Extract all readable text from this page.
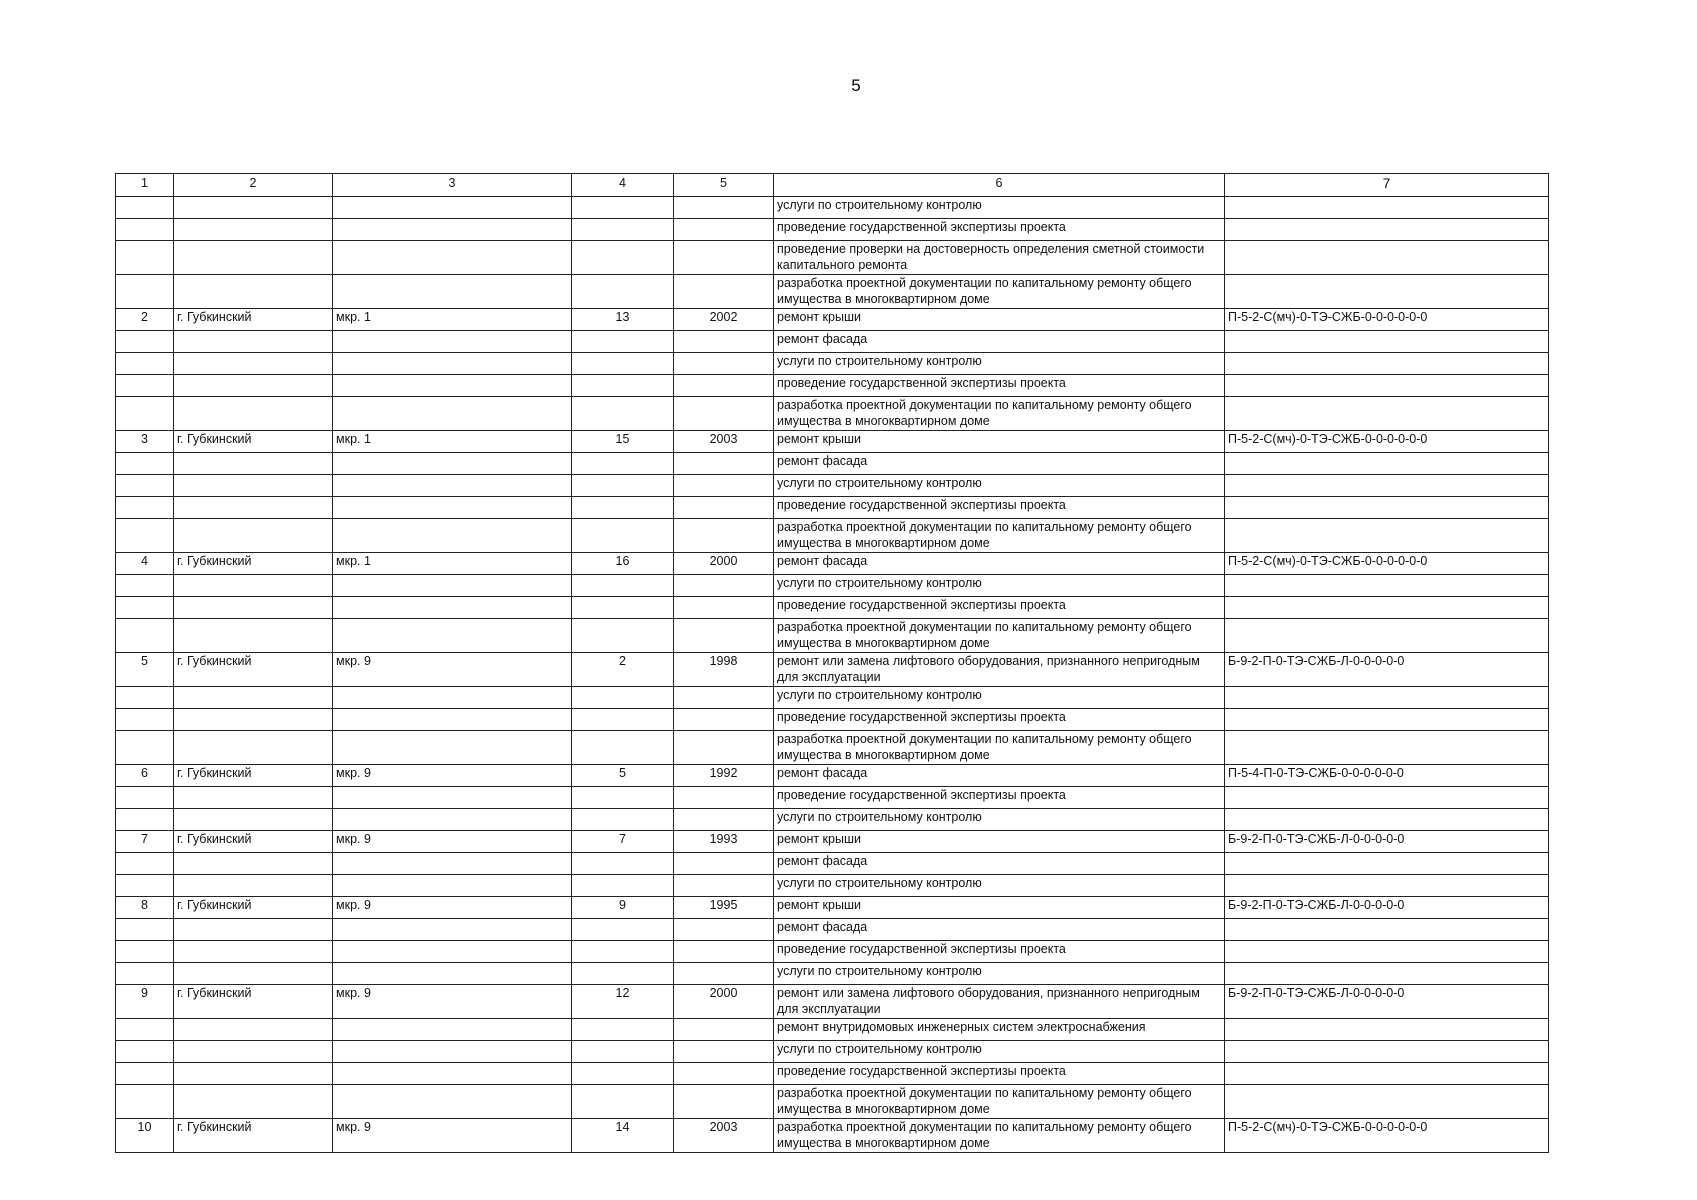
5
1	2	3	4	5	6	7
					услуги по строительному контролю	
					проведение государственной экспертизы проекта	
					проведение проверки на достоверность определения сметной стоимости капитального ремонта	
					разработка проектной документации по капитальному ремонту общего имущества в многоквартирном доме	
2	г. Губкинский	мкр. 1	13	2002	ремонт крыши	П-5-2-С(мч)-0-ТЭ-СЖБ-0-0-0-0-0-0
					ремонт фасада	
					услуги по строительному контролю	
					проведение государственной экспертизы проекта	
					разработка проектной документации по капитальному ремонту общего имущества в многоквартирном доме	
3	г. Губкинский	мкр. 1	15	2003	ремонт крыши	П-5-2-С(мч)-0-ТЭ-СЖБ-0-0-0-0-0-0
					ремонт фасада	
					услуги по строительному контролю	
					проведение государственной экспертизы проекта	
					разработка проектной документации по капитальному ремонту общего имущества в многоквартирном доме	
4	г. Губкинский	мкр. 1	16	2000	ремонт фасада	П-5-2-С(мч)-0-ТЭ-СЖБ-0-0-0-0-0-0
					услуги по строительному контролю	
					проведение государственной экспертизы проекта	
					разработка проектной документации по капитальному ремонту общего имущества в многоквартирном доме	
5	г. Губкинский	мкр. 9	2	1998	ремонт или замена лифтового оборудования, признанного непригодным для эксплуатации	Б-9-2-П-0-ТЭ-СЖБ-Л-0-0-0-0-0
					услуги по строительному контролю	
					проведение государственной экспертизы проекта	
					разработка проектной документации по капитальному ремонту общего имущества в многоквартирном доме	
6	г. Губкинский	мкр. 9	5	1992	ремонт фасада	П-5-4-П-0-ТЭ-СЖБ-0-0-0-0-0-0
					проведение государственной экспертизы проекта	
					услуги по строительному контролю	
7	г. Губкинский	мкр. 9	7	1993	ремонт крыши	Б-9-2-П-0-ТЭ-СЖБ-Л-0-0-0-0-0
					ремонт фасада	
					услуги по строительному контролю	
8	г. Губкинский	мкр. 9	9	1995	ремонт крыши	Б-9-2-П-0-ТЭ-СЖБ-Л-0-0-0-0-0
					ремонт фасада	
					проведение государственной экспертизы проекта	
					услуги по строительному контролю	
9	г. Губкинский	мкр. 9	12	2000	ремонт или замена лифтового оборудования, признанного непригодным для эксплуатации	Б-9-2-П-0-ТЭ-СЖБ-Л-0-0-0-0-0
					ремонт внутридомовых инженерных систем электроснабжения	
					услуги по строительному контролю	
					проведение государственной экспертизы проекта	
					разработка проектной документации по капитальному ремонту общего имущества в многоквартирном доме	
10	г. Губкинский	мкр. 9	14	2003	разработка проектной документации по капитальному ремонту общего имущества в многоквартирном доме	П-5-2-С(мч)-0-ТЭ-СЖБ-0-0-0-0-0-0
